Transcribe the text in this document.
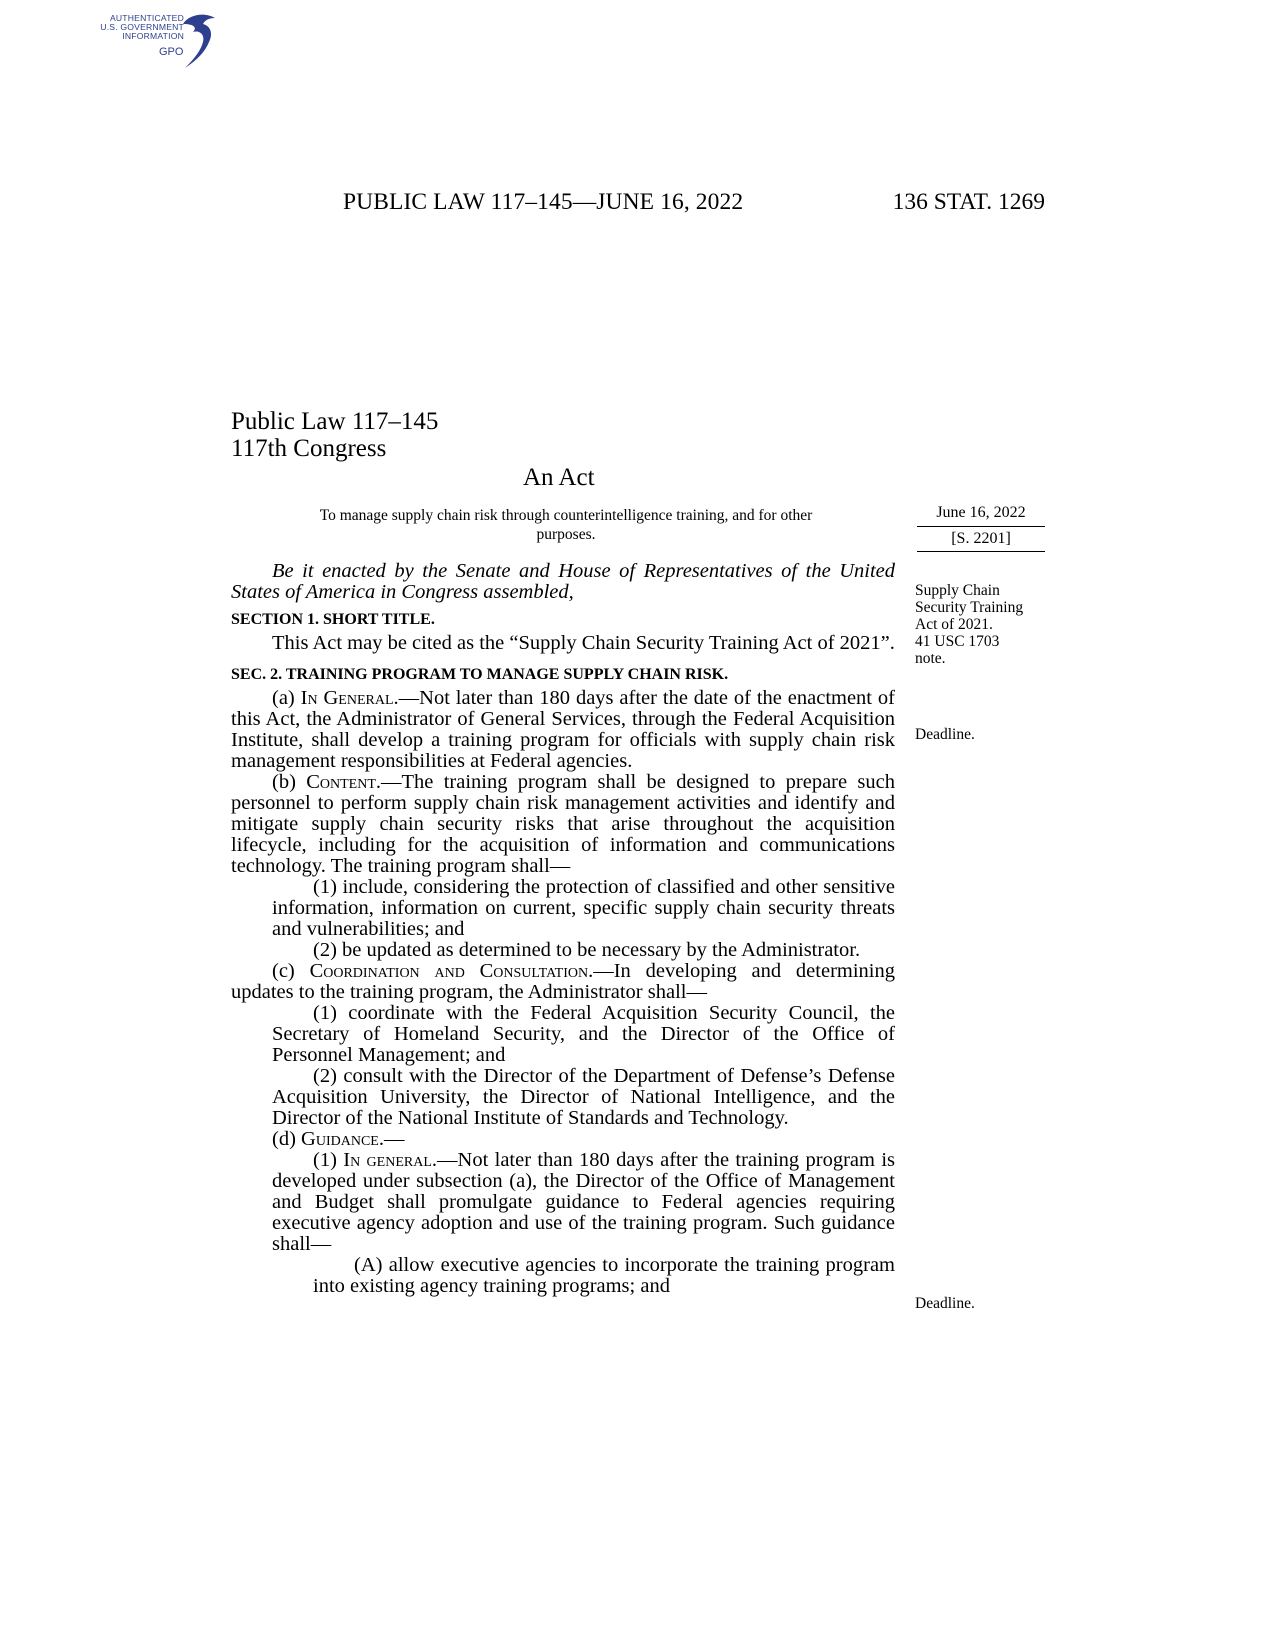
AUTHENTICATED
U.S. GOVERNMENT
INFORMATION
GPO
PUBLIC LAW 117–145—JUNE 16, 2022	136 STAT. 1269
Public Law 117–145
117th Congress
An Act
To manage supply chain risk through counterintelligence training, and for other
purposes.
June 16, 2022
[S. 2201]
Supply Chain
Security Training
Act of 2021.
41 USC 1703
note.
Deadline.
Deadline.

Be it enacted by the Senate and House of Representatives of the United States of America in Congress assembled,

SECTION 1. SHORT TITLE.

This Act may be cited as the “Supply Chain Security Training Act of 2021”.

SEC. 2. TRAINING PROGRAM TO MANAGE SUPPLY CHAIN RISK.

(a) In General.—Not later than 180 days after the date of the enactment of this Act, the Administrator of General Services, through the Federal Acquisition Institute, shall develop a training program for officials with supply chain risk management responsibilities at Federal agencies.

(b) Content.—The training program shall be designed to prepare such personnel to perform supply chain risk management activities and identify and mitigate supply chain security risks that arise throughout the acquisition lifecycle, including for the acquisition of information and communications technology. The training program shall—

(1) include, considering the protection of classified and other sensitive information, information on current, specific supply chain security threats and vulnerabilities; and

(2) be updated as determined to be necessary by the Administrator.

(c) Coordination and Consultation.—In developing and determining updates to the training program, the Administrator shall—

(1) coordinate with the Federal Acquisition Security Council, the Secretary of Homeland Security, and the Director of the Office of Personnel Management; and

(2) consult with the Director of the Department of Defense’s Defense Acquisition University, the Director of National Intelligence, and the Director of the National Institute of Standards and Technology.

(d) Guidance.—

(1) In general.—Not later than 180 days after the training program is developed under subsection (a), the Director of the Office of Management and Budget shall promulgate guidance to Federal agencies requiring executive agency adoption and use of the training program. Such guidance shall—

(A) allow executive agencies to incorporate the training program into existing agency training programs; and
